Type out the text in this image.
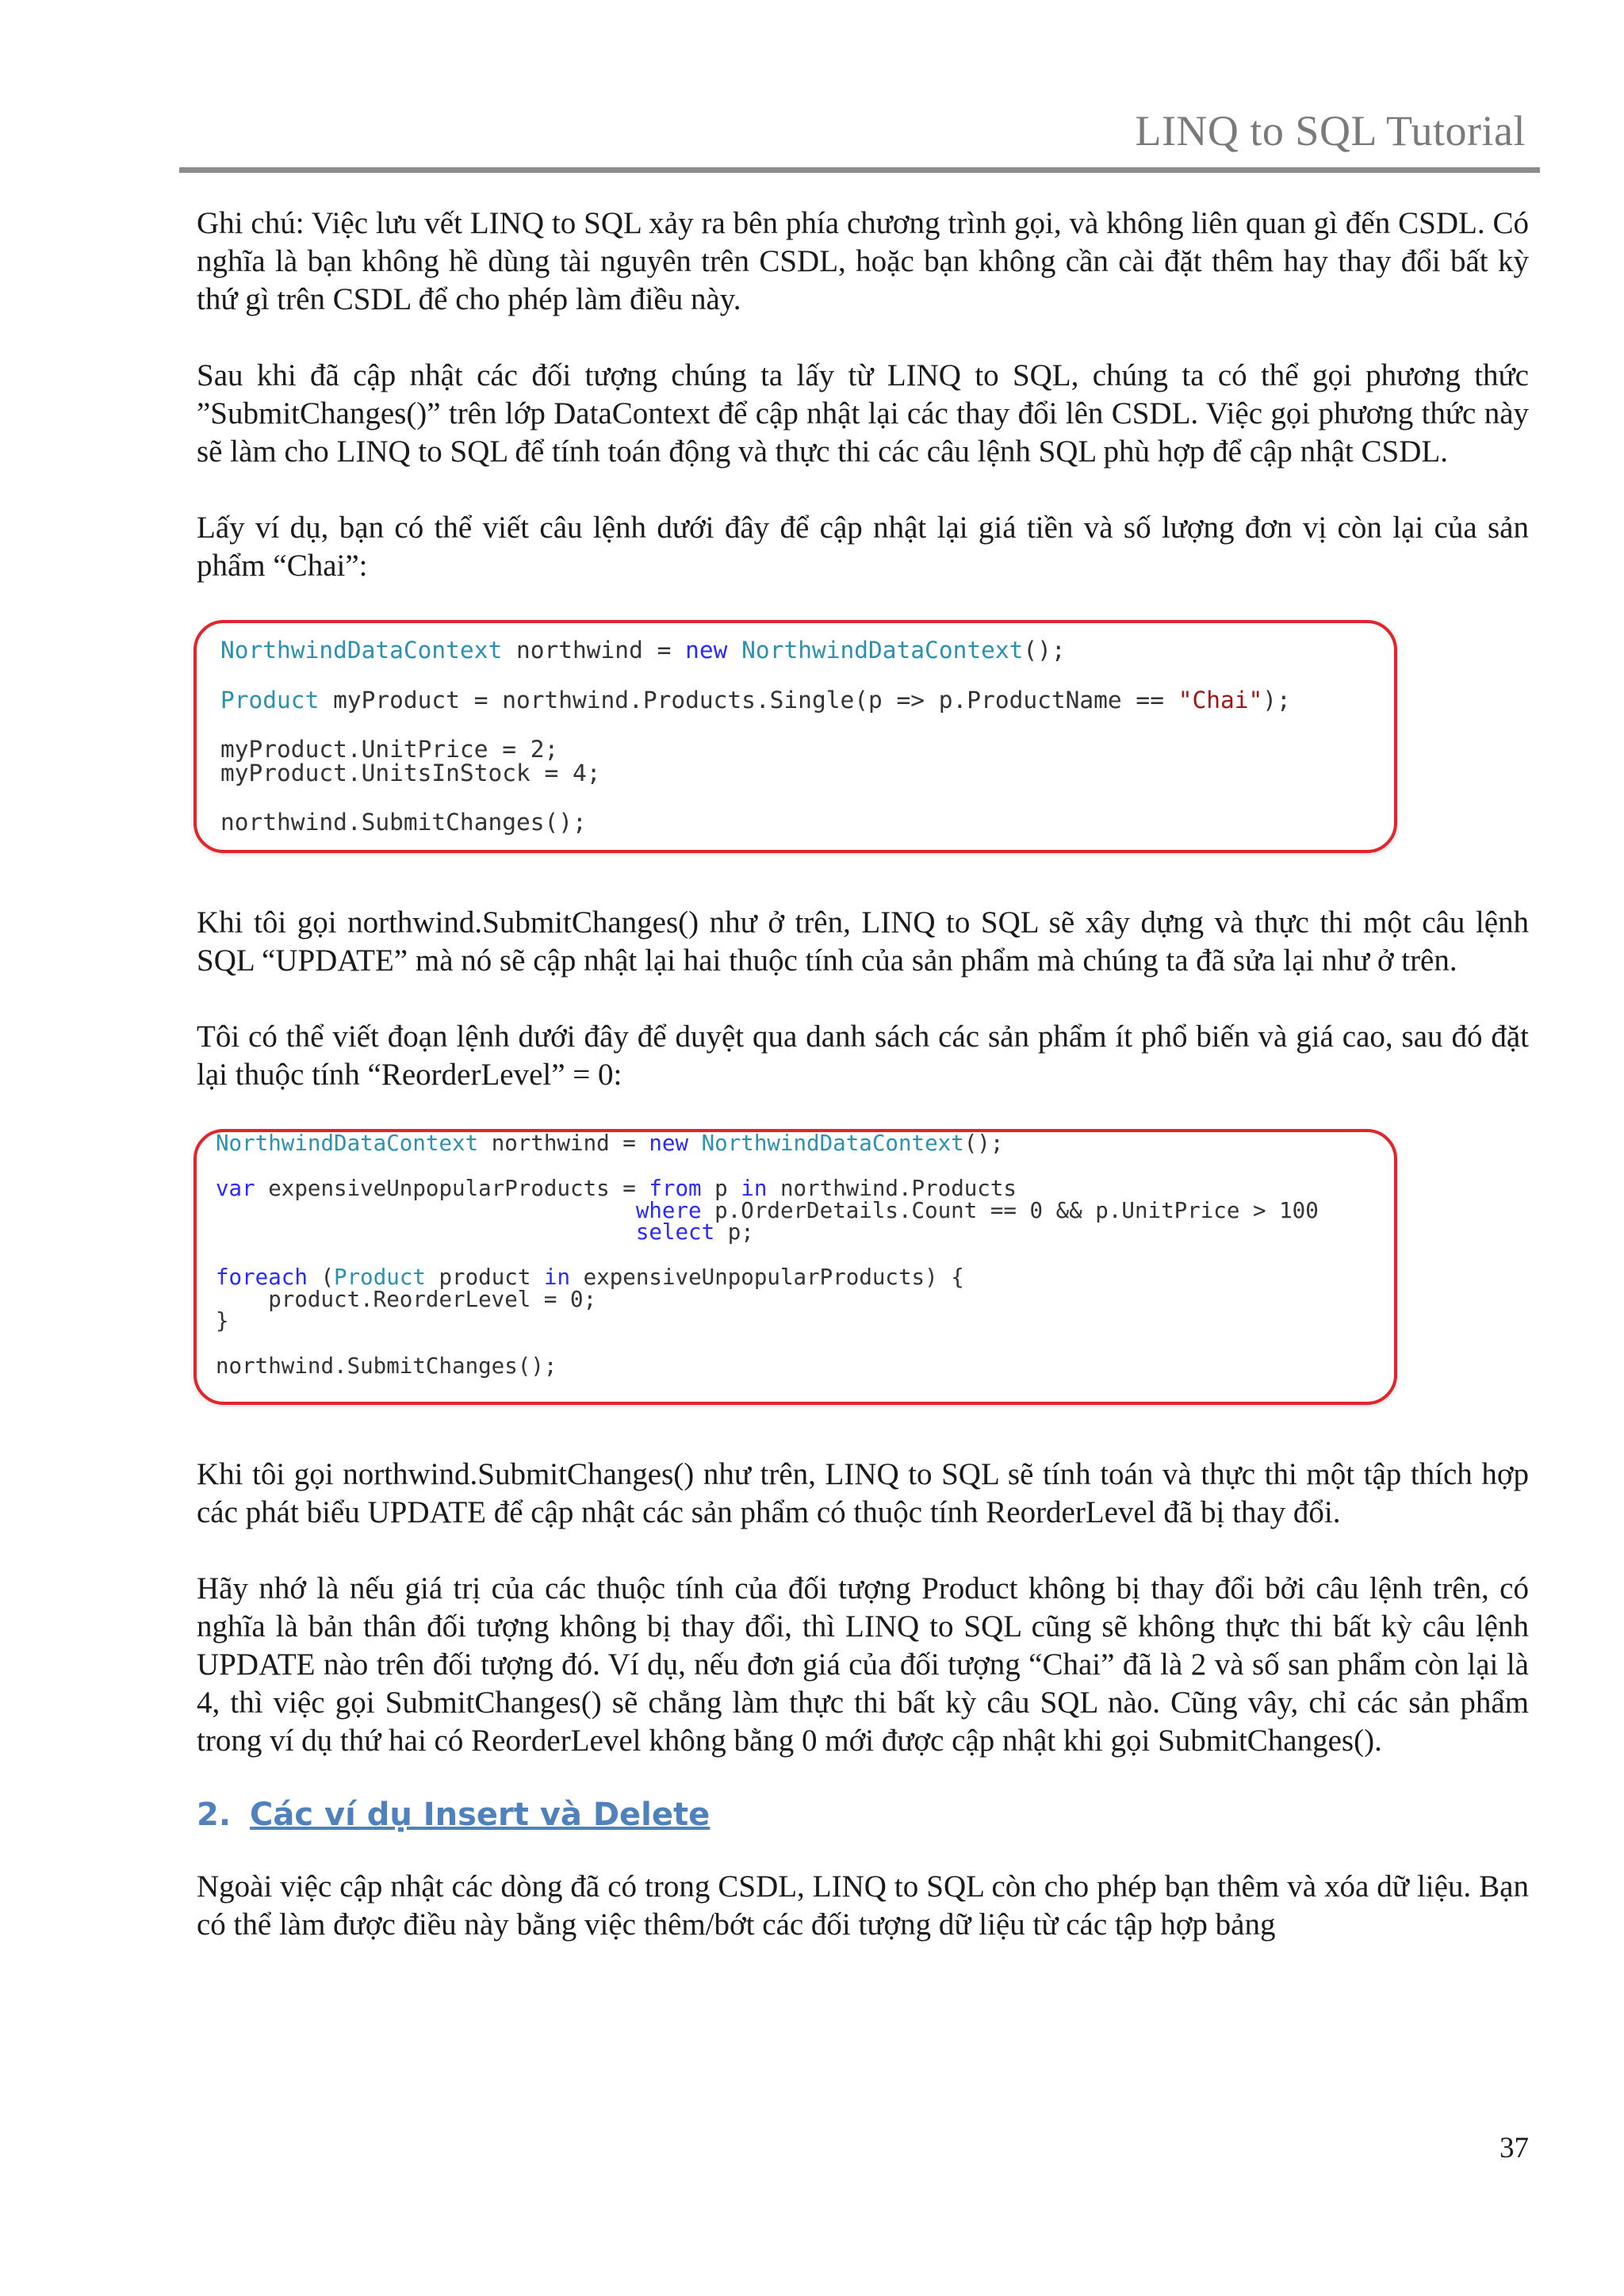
LINQ to SQL Tutorial

Ghi chú: Việc lưu vết LINQ to SQL xảy ra bên phía chương trình gọi, và không liên quan gì đến CSDL. Có nghĩa là bạn không hề dùng tài nguyên trên CSDL, hoặc bạn không cần cài đặt thêm hay thay đổi bất kỳ thứ gì trên CSDL để cho phép làm điều này.

Sau khi đã cập nhật các đối tượng chúng ta lấy từ LINQ to SQL, chúng ta có thể gọi phương thức ”SubmitChanges()” trên lớp DataContext để cập nhật lại các thay đổi lên CSDL. Việc gọi phương thức này sẽ làm cho LINQ to SQL để tính toán động và thực thi các câu lệnh SQL phù hợp để cập nhật CSDL.

Lấy ví dụ, bạn có thể viết câu lệnh dưới đây để cập nhật lại giá tiền và số lượng đơn vị còn lại của sản phẩm “Chai”:

NorthwindDataContext northwind = new NorthwindDataContext();
Product myProduct = northwind.Products.Single(p => p.ProductName == "Chai");
myProduct.UnitPrice = 2;
myProduct.UnitsInStock = 4;
northwind.SubmitChanges();

Khi tôi gọi northwind.SubmitChanges() như ở trên, LINQ to SQL sẽ xây dựng và thực thi một câu lệnh SQL “UPDATE” mà nó sẽ cập nhật lại hai thuộc tính của sản phẩm mà chúng ta đã sửa lại như ở trên.

Tôi có thể viết đoạn lệnh dưới đây để duyệt qua danh sách các sản phẩm ít phổ biến và giá cao, sau đó đặt lại thuộc tính “ReorderLevel” = 0:

NorthwindDataContext northwind = new NorthwindDataContext();
var expensiveUnpopularProducts = from p in northwind.Products
where p.OrderDetails.Count == 0 && p.UnitPrice > 100
select p;
foreach (Product product in expensiveUnpopularProducts) {
product.ReorderLevel = 0;
}
northwind.SubmitChanges();

Khi tôi gọi northwind.SubmitChanges() như trên, LINQ to SQL sẽ tính toán và thực thi một tập thích hợp các phát biểu UPDATE để cập nhật các sản phẩm có thuộc tính ReorderLevel đã bị thay đổi.

Hãy nhớ là nếu giá trị của các thuộc tính của đối tượng Product không bị thay đổi bởi câu lệnh trên, có nghĩa là bản thân đối tượng không bị thay đổi, thì LINQ to SQL cũng sẽ không thực thi bất kỳ câu lệnh UPDATE nào trên đối tượng đó. Ví dụ, nếu đơn giá của đối tượng “Chai” đã là 2 và số san phẩm còn lại là 4, thì việc gọi SubmitChanges() sẽ chẳng làm thực thi bất kỳ câu SQL nào. Cũng vây, chỉ các sản phẩm trong ví dụ thứ hai có ReorderLevel không bằng 0 mới được cập nhật khi gọi SubmitChanges().

2. Các ví dụ Insert và Delete

Ngoài việc cập nhật các dòng đã có trong CSDL, LINQ to SQL còn cho phép bạn thêm và xóa dữ liệu. Bạn có thể làm được điều này bằng việc thêm/bớt các đối tượng dữ liệu từ các tập hợp bảng

37
